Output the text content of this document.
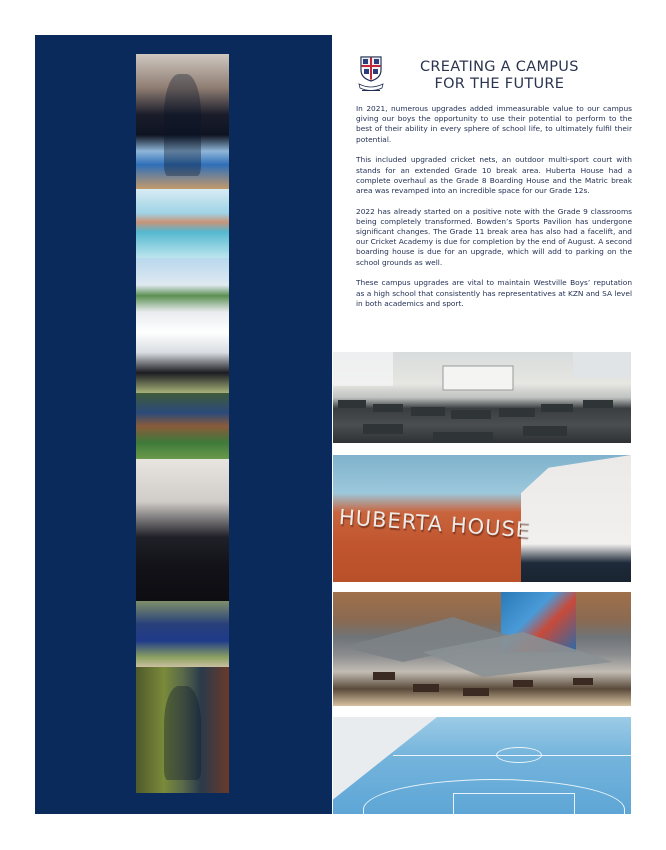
CREATING A CAMPUS
FOR THE FUTURE

In 2021, numerous upgrades added immeasurable value to our campus giving our boys the opportunity to use their potential to perform to the best of their ability in every sphere of school life, to ultimately fulfil their potential.

This included upgraded cricket nets, an outdoor multi-sport court with stands for an extended Grade 10 break area. Huberta House had a complete overhaul as the Grade 8 Boarding House and the Matric break area was revamped into an incredible space for our Grade 12s.

2022 has already started on a positive note with the Grade 9 classrooms being completely transformed. Bowden’s Sports Pavilion has undergone significant changes. The Grade 11 break area has also had a facelift, and our Cricket Academy is due for completion by the end of August. A second boarding house is due for an upgrade, which will add to parking on the school grounds as well.

These campus upgrades are vital to maintain Westville Boys’ reputation as a high school that consistently has representatives at KZN and SA level in both academics and sport.

HUBERTA HOUSE
